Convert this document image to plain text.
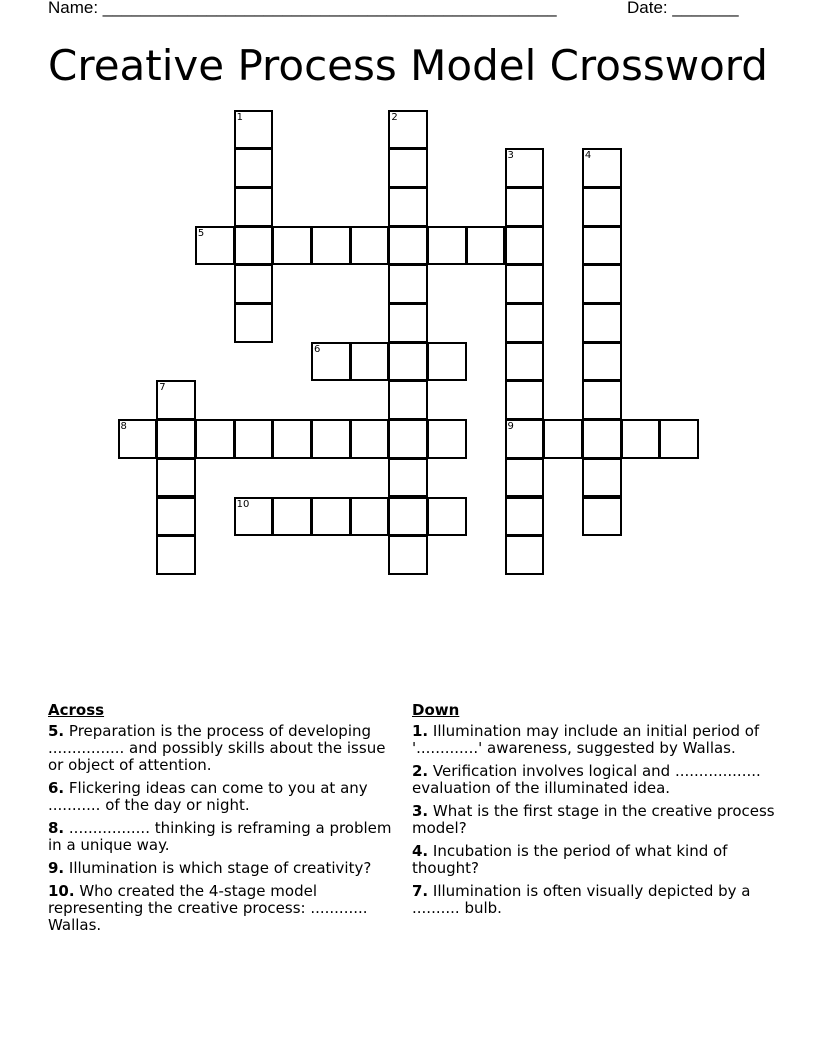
Name: ________________________________________________	Date: _______
Creative Process Model Crossword
1	2
3	4
5
6
7
8	9
10
Across
5. Preparation is the process of developing ................ and possibly skills about the issue or object of attention.
6. Flickering ideas can come to you at any ........... of the day or night.
8. ................. thinking is reframing a problem in a unique way.
9. Illumination is which stage of creativity?
10. Who created the 4-stage model representing the creative process: ............ Wallas.
Down
1. Illumination may include an initial period of '.............' awareness, suggested by Wallas.
2. Verification involves logical and .................. evaluation of the illuminated idea.
3. What is the first stage in the creative process model?
4. Incubation is the period of what kind of thought?
7. Illumination is often visually depicted by a .......... bulb.
